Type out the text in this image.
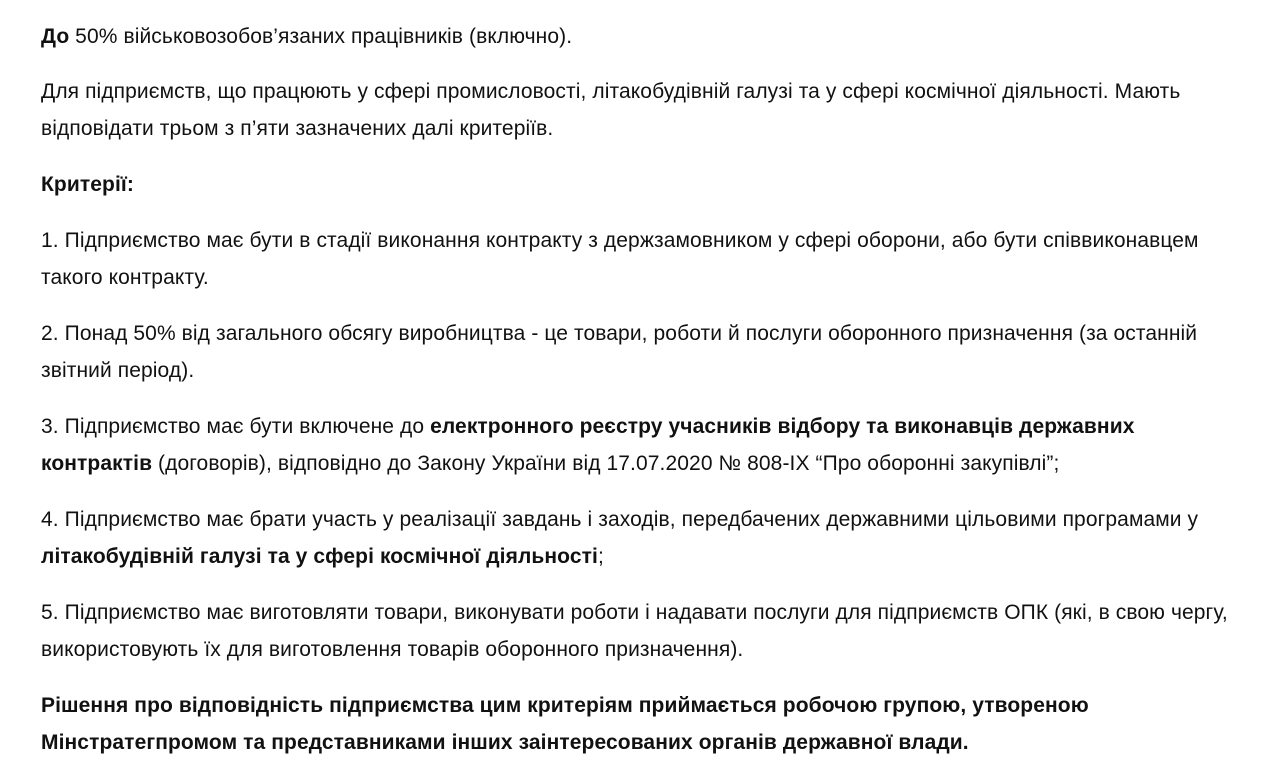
До 50% військовозобов’язаних працівників (включно).

Для підприємств, що працюють у сфері промисловості, літакобудівній галузі та у сфері космічної діяльності. Мають відповідати трьом з п’яти зазначених далі критеріїв.

Критерії:

1. Підприємство має бути в стадії виконання контракту з держзамовником у сфері оборони, або бути співвиконавцем такого контракту.

2. Понад 50% від загального обсягу виробництва - це товари, роботи й послуги оборонного призначення (за останній звітний період).

3. Підприємство має бути включене до електронного реєстру учасників відбору та виконавців державних контрактів (договорів), відповідно до Закону України від 17.07.2020 № 808-IX “Про оборонні закупівлі”;

4. Підприємство має брати участь у реалізації завдань і заходів, передбачених державними цільовими програмами у літакобудівній галузі та у сфері космічної діяльності;

5. Підприємство має виготовляти товари, виконувати роботи і надавати послуги для підприємств ОПК (які, в свою чергу, використовують їх для виготовлення товарів оборонного призначення).

Рішення про відповідність підприємства цим критеріям приймається робочою групою, утвореною Мінстратегпромом та представниками інших заінтересованих органів державної влади.
